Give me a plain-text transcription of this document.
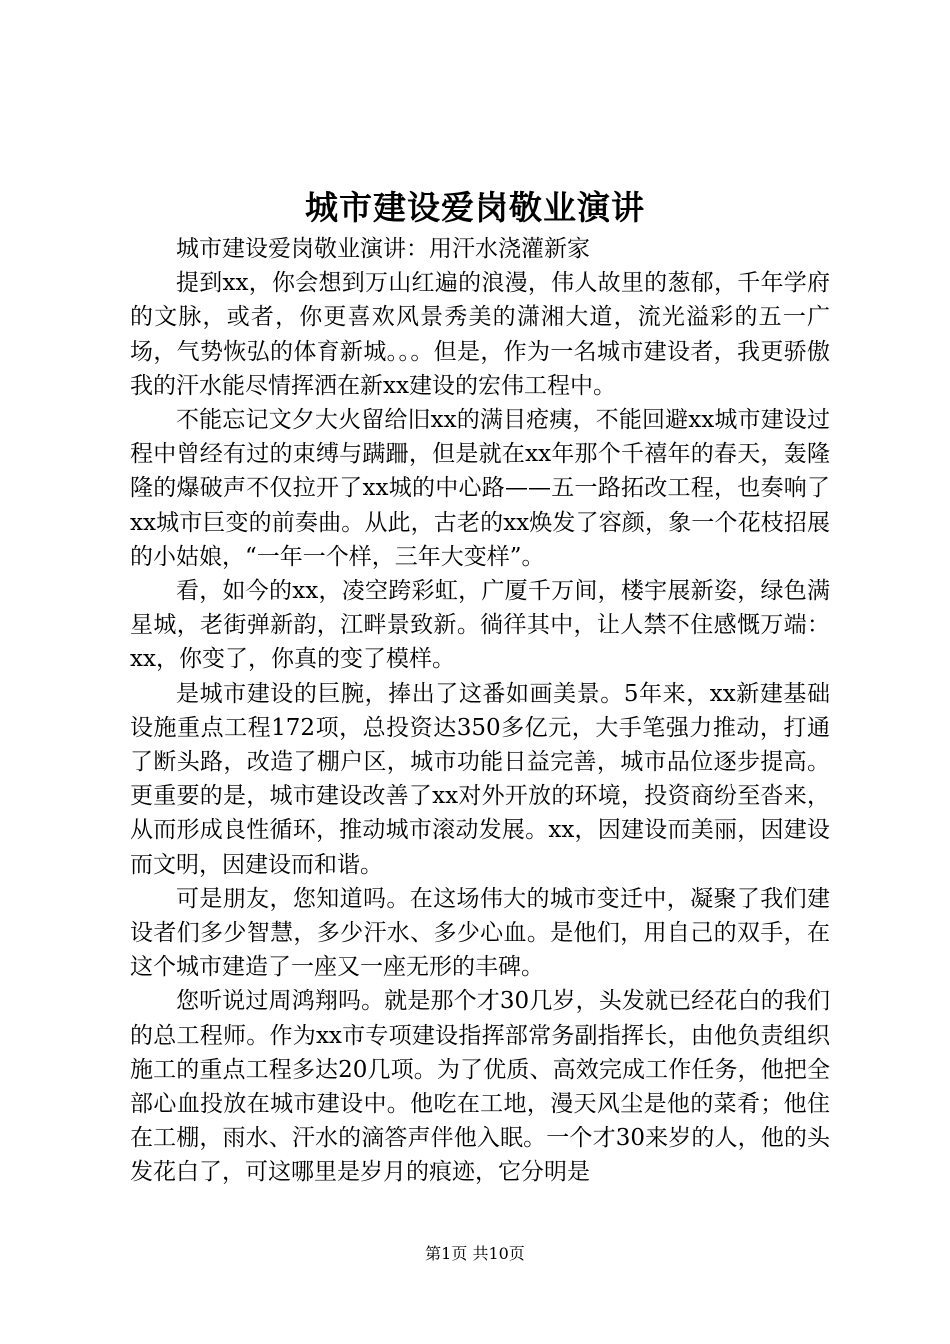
城市建设爱岗敬业演讲

城市建设爱岗敬业演讲：用汗水浇灌新家

提到xx，你会想到万山红遍的浪漫，伟人故里的葱郁，千年学府的文脉，或者，你更喜欢风景秀美的潇湘大道，流光溢彩的五一广场，气势恢弘的体育新城。。。但是，作为一名城市建设者，我更骄傲我的汗水能尽情挥洒在新xx建设的宏伟工程中。

不能忘记文夕大火留给旧xx的满目疮痍，不能回避xx城市建设过程中曾经有过的束缚与蹒跚，但是就在xx年那个千禧年的春天，轰隆隆的爆破声不仅拉开了xx城的中心路——五一路拓改工程，也奏响了xx城市巨变的前奏曲。从此，古老的xx焕发了容颜，象一个花枝招展的小姑娘，“一年一个样，三年大变样”。

看，如今的xx，凌空跨彩虹，广厦千万间，楼宇展新姿，绿色满星城，老街弹新韵，江畔景致新。徜徉其中，让人禁不住感慨万端：xx，你变了，你真的变了模样。

是城市建设的巨腕，捧出了这番如画美景。5年来，xx新建基础设施重点工程172项，总投资达350多亿元，大手笔强力推动，打通了断头路，改造了棚户区，城市功能日益完善，城市品位逐步提高。更重要的是，城市建设改善了xx对外开放的环境，投资商纷至沓来，从而形成良性循环，推动城市滚动发展。xx，因建设而美丽，因建设而文明，因建设而和谐。

可是朋友，您知道吗。在这场伟大的城市变迁中，凝聚了我们建设者们多少智慧，多少汗水、多少心血。是他们，用自己的双手，在这个城市建造了一座又一座无形的丰碑。

您听说过周鸿翔吗。就是那个才30几岁，头发就已经花白的我们的总工程师。作为xx市专项建设指挥部常务副指挥长，由他负责组织施工的重点工程多达20几项。为了优质、高效完成工作任务，他把全部心血投放在城市建设中。他吃在工地，漫天风尘是他的菜肴；他住在工棚，雨水、汗水的滴答声伴他入眠。一个才30来岁的人，他的头发花白了，可这哪里是岁月的痕迹，它分明是

第1页 共10页
